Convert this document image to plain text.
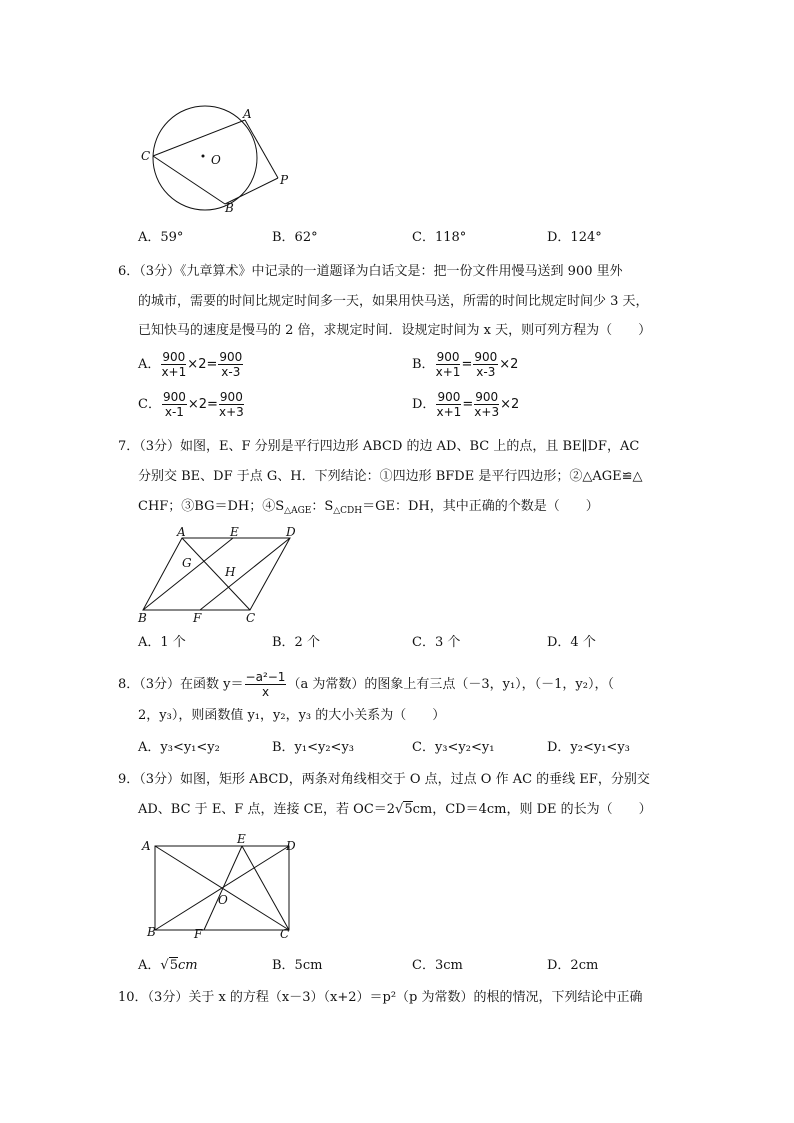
A
C	O
P
B
A．59°	B．62°	C．118°	D．124°
6．（3分）《九章算术》中记录的一道题译为白话文是：把一份文件用慢马送到 900 里外
的城市，需要的时间比规定时间多一天，如果用快马送，所需的时间比规定时间少 3 天，
已知快马的速度是慢马的 2 倍，求规定时间．设规定时间为 x 天，则可列方程为（　　）
A． $\frac{900}{x+1} \times 2= \frac{900}{x-3}$	B． $\frac{900}{x+1} = \frac{900}{x-3} \times 2$
C． $\frac{900}{x-1} \times 2= \frac{900}{x+3}$	D． $\frac{900}{x+1} = \frac{900}{x+3} \times 2$
7．（3分）如图，E、F 分别是平行四边形 ABCD 的边 AD、BC 上的点，且 BE∥DF，AC
分别交 BE、DF 于点 G、H．下列结论：①四边形 BFDE 是平行四边形；②△AGE≌△
CHF；③BG＝DH；$④S_{\triangle AGE}$：$S_{\triangle CDH}=GE$：DH，其中正确的个数是（　　）
A	E	D
G
H
B	F	C
A．1 个	B．2 个	C．3 个	D．4 个
8．（3分）在函数 $y= \frac{\text{−a²−1}}{x} (a$ 为常数）的图象上有三点（－3，y₁），（－1，y₂），（
2，y₃），则函数值 y₁，y₂，y₃ 的大小关系为（　　）
A．y₃<y₁<y₂	B．y₁<y₂<y₃	C．y₃<y₂<y₁	D．y₂<y₁<y₃
9．（3分）如图，矩形 ABCD，两条对角线相交于 O 点，过点 O 作 AC 的垂线 EF，分别交
AD、BC 于 E、F 点，连接 CE，若 OC＝2√5cm，CD＝4cm，则 DE 的长为（　　）
A	E	D
O
B	F	C
A．√5cm	B．5cm	C．3cm	D．2cm
10．（3分）关于 x 的方程（x－3）（x+2）＝p²（p 为常数）的根的情况，下列结论中正确
